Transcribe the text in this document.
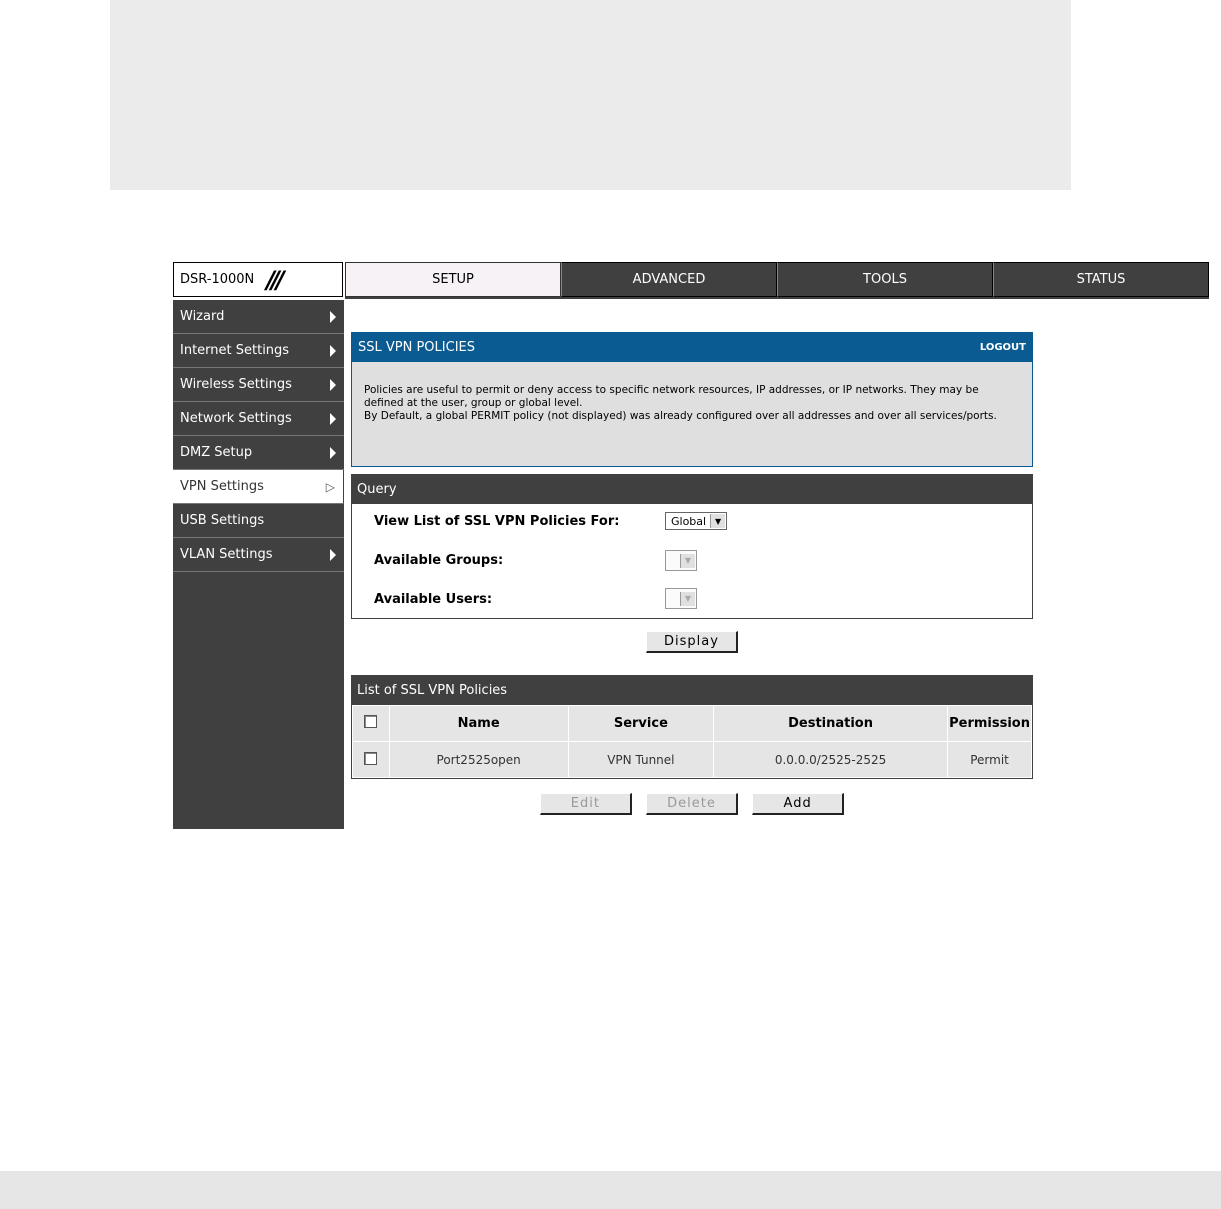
DSR-1000N ///	SETUP	ADVANCED	TOOLS	STATUS
Wizard
Internet Settings
Wireless Settings
Network Settings
DMZ Setup
VPN Settings	▷
USB Settings
VLAN Settings
SSL VPN POLICIES	LOGOUT
Policies are useful to permit or deny access to specific network resources, IP addresses, or IP networks. They may be defined at the user, group or global level.
By Default, a global PERMIT policy (not displayed) was already configured over all addresses and over all services/ports.
Query
View List of SSL VPN Policies For:	Global	▼
Available Groups:	▼
Available Users:	▼
Display
List of SSL VPN Policies
	Name	Service	Destination	Permission
	Port2525open	VPN Tunnel	0.0.0.0/2525-2525	Permit
Edit	Delete	Add
